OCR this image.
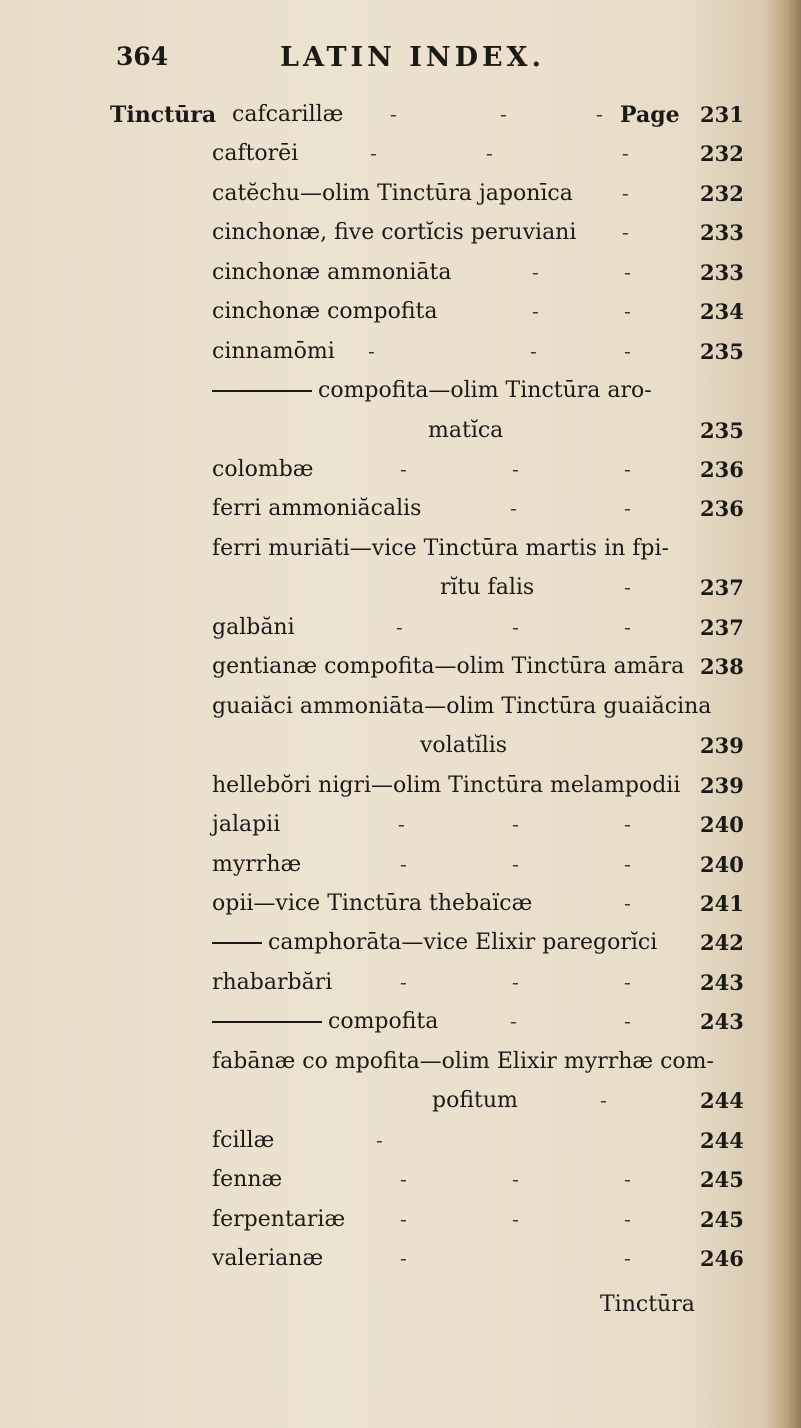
364	LATIN INDEX.
Tinctūra cafcarillæ -	-	- Page 231
caftorēi	-	-	-	232
catĕchu—olim Tinctūra japonīca -	232
cinchonæ, five cortĭcis peruviani -	233
cinchonæ ammoniāta	-	-	233
cinchonæ compofita	-	-	234
cinnamōmi -	-	-	235
compofita—olim Tinctūra aro-
matĭca	235
colombæ	-	-	-	236
ferri ammoniăcalis	-	-	236
ferri muriāti—vice Tinctūra martis in fpi-
rĭtu falis	-	237
galbăni	-	-	-	237
gentianæ compofita—olim Tinctūra amāra 238
guaiăci ammoniāta—olim Tinctūra guaiăcina
volatĭlis	239
hellebŏri nigri—olim Tinctūra melampodii 239
jalapii	-	-	-	240
myrrhæ	-	-	-	240
opii—vice Tinctūra thebaïcæ	-	241
camphorāta—vice Elixir paregorĭci 242
rhabarbări	-	-	-	243
compofita	-	-	243
fabānæ co mpofita—olim Elixir myrrhæ com-
pofitum	-	244
fcillæ	-	244
fennæ	-	-	-	245
ferpentariæ	-	-	-	245
valerianæ	-	-	246
Tinctūra
